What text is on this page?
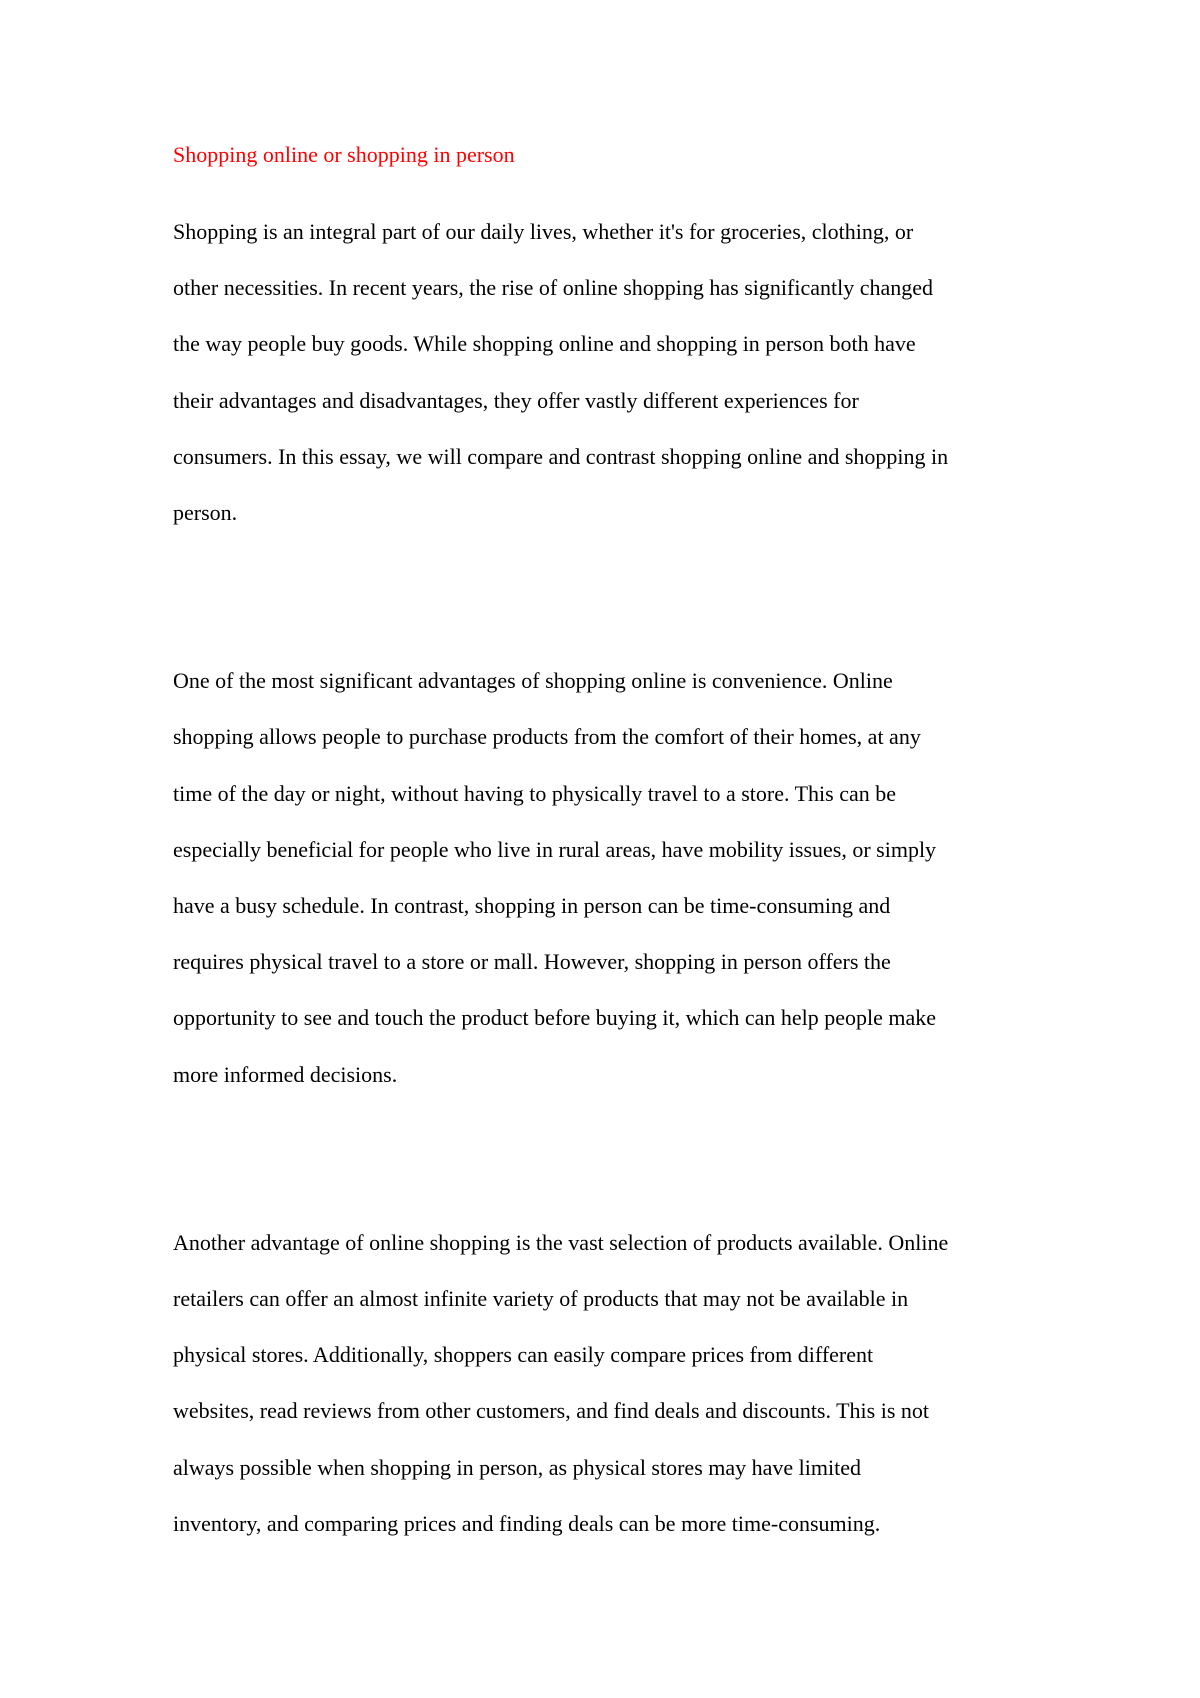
Shopping online or shopping in person

Shopping is an integral part of our daily lives, whether it's for groceries, clothing, or
other necessities. In recent years, the rise of online shopping has significantly changed
the way people buy goods. While shopping online and shopping in person both have
their advantages and disadvantages, they offer vastly different experiences for
consumers. In this essay, we will compare and contrast shopping online and shopping in
person.

One of the most significant advantages of shopping online is convenience. Online
shopping allows people to purchase products from the comfort of their homes, at any
time of the day or night, without having to physically travel to a store. This can be
especially beneficial for people who live in rural areas, have mobility issues, or simply
have a busy schedule. In contrast, shopping in person can be time-consuming and
requires physical travel to a store or mall. However, shopping in person offers the
opportunity to see and touch the product before buying it, which can help people make
more informed decisions.

Another advantage of online shopping is the vast selection of products available. Online
retailers can offer an almost infinite variety of products that may not be available in
physical stores. Additionally, shoppers can easily compare prices from different
websites, read reviews from other customers, and find deals and discounts. This is not
always possible when shopping in person, as physical stores may have limited
inventory, and comparing prices and finding deals can be more time-consuming.
